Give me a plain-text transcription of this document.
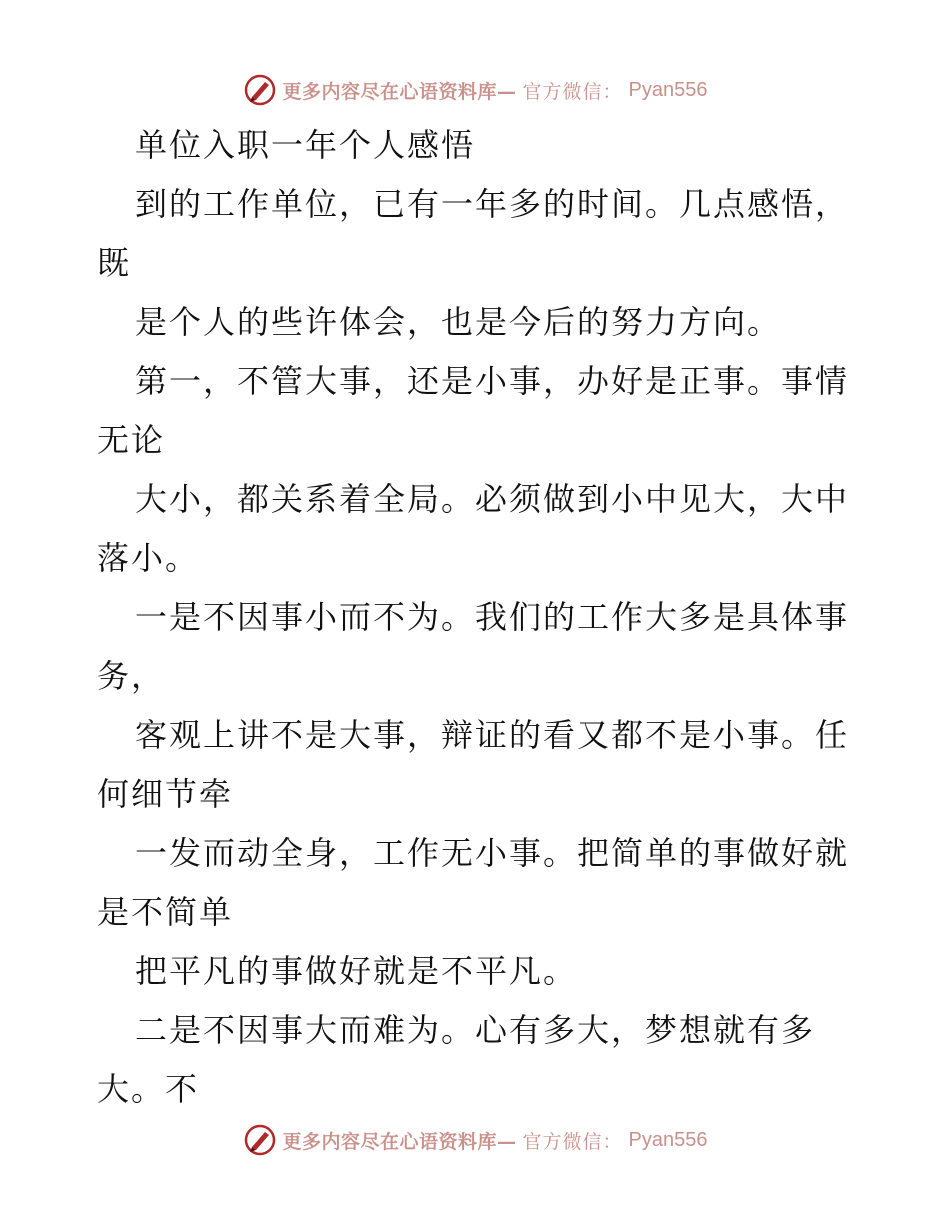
更多内容尽在心语资料库— 官方微信： Pyan556
单位入职一年个人感悟
到的工作单位，已有一年多的时间。几点感悟，
既
是个人的些许体会，也是今后的努力方向。
第一，不管大事，还是小事，办好是正事。事情
无论
大小，都关系着全局。必须做到小中见大，大中
落小。
一是不因事小而不为。我们的工作大多是具体事
务，
客观上讲不是大事，辩证的看又都不是小事。任
何细节牵
一发而动全身，工作无小事。把简单的事做好就
是不简单
把平凡的事做好就是不平凡。
二是不因事大而难为。心有多大，梦想就有多
大。不
更多内容尽在心语资料库— 官方微信： Pyan556
